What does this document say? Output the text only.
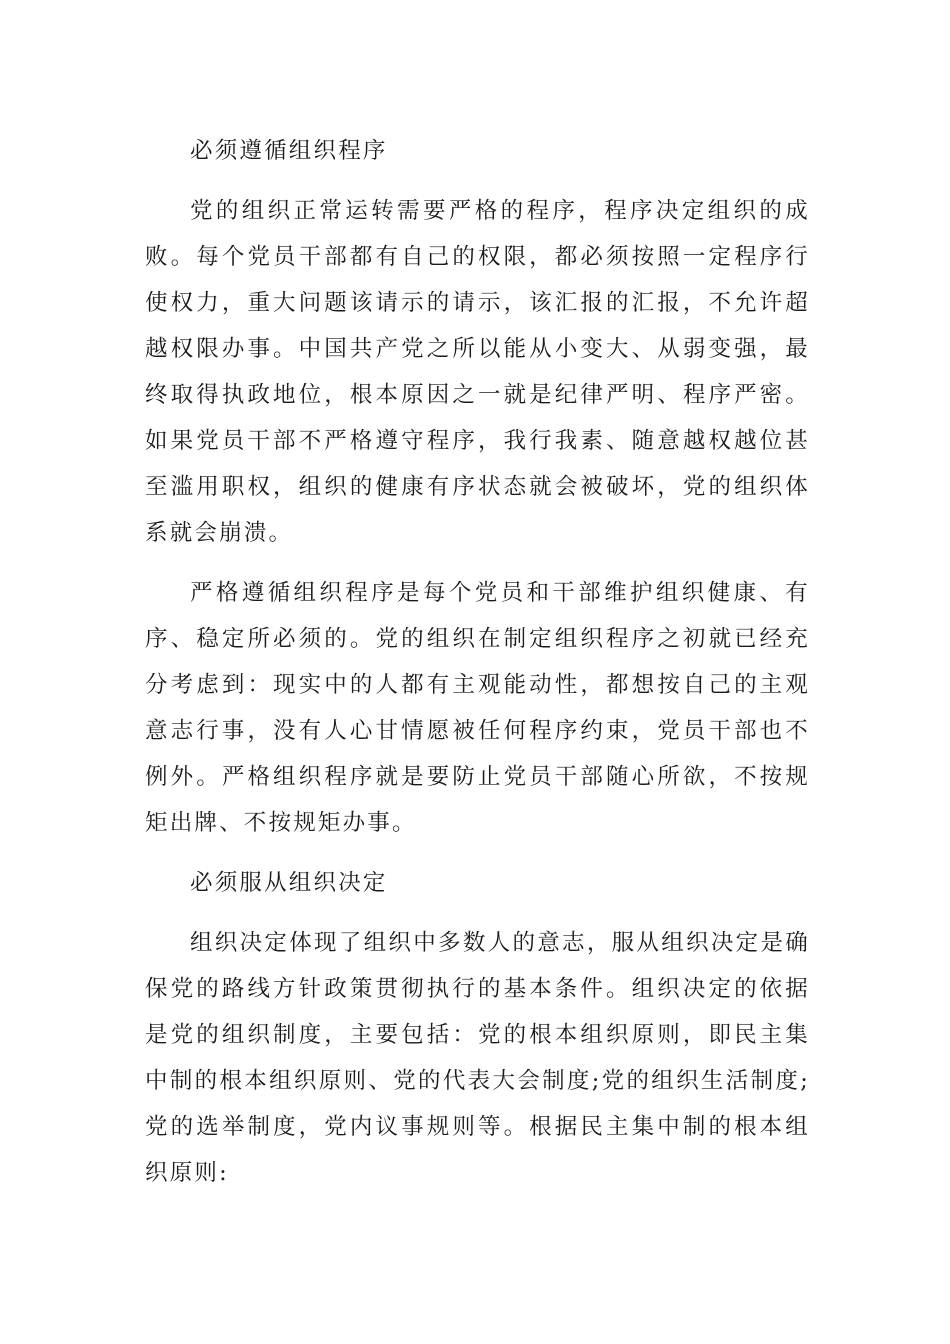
必须遵循组织程序

党的组织正常运转需要严格的程序，程序决定组织的成败。每个党员干部都有自己的权限，都必须按照一定程序行使权力，重大问题该请示的请示，该汇报的汇报，不允许超越权限办事。中国共产党之所以能从小变大、从弱变强，最终取得执政地位，根本原因之一就是纪律严明、程序严密。如果党员干部不严格遵守程序，我行我素、随意越权越位甚至滥用职权，组织的健康有序状态就会被破坏，党的组织体系就会崩溃。

严格遵循组织程序是每个党员和干部维护组织健康、有序、稳定所必须的。党的组织在制定组织程序之初就已经充分考虑到：现实中的人都有主观能动性，都想按自己的主观意志行事，没有人心甘情愿被任何程序约束，党员干部也不例外。严格组织程序就是要防止党员干部随心所欲，不按规矩出牌、不按规矩办事。

必须服从组织决定

组织决定体现了组织中多数人的意志，服从组织决定是确保党的路线方针政策贯彻执行的基本条件。组织决定的依据是党的组织制度，主要包括：党的根本组织原则，即民主集中制的根本组织原则、党的代表大会制度;党的组织生活制度;党的选举制度，党内议事规则等。根据民主集中制的根本组织原则:
